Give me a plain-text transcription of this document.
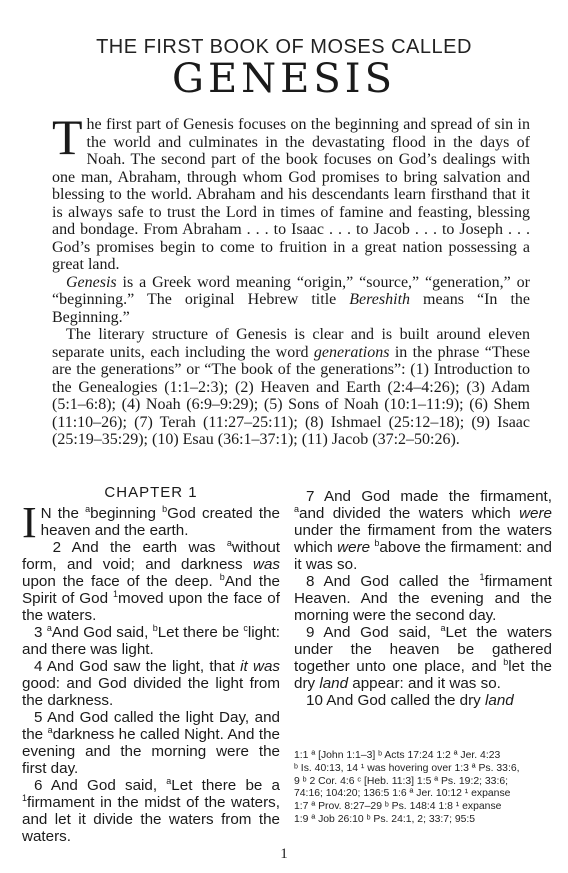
THE FIRST BOOK OF MOSES CALLED
GENESIS

The first part of Genesis focuses on the beginning and spread of sin in the world and culminates in the devastating flood in the days of Noah. The second part of the book focuses on God’s dealings with one man, Abraham, through whom God promises to bring salvation and blessing to the world. Abraham and his descendants learn firsthand that it is always safe to trust the Lord in times of famine and feasting, blessing and bondage. From Abraham . . . to Isaac . . . to Jacob . . . to Joseph . . . God’s promises begin to come to fruition in a great nation possessing a great land.

Genesis is a Greek word meaning “origin,” “source,” “generation,” or “beginning.” The original Hebrew title Bereshith means “In the Beginning.”

The literary structure of Genesis is clear and is built around eleven separate units, each including the word generations in the phrase “These are the generations” or “The book of the generations”: (1) Introduction to the Genealogies (1:1–2:3); (2) Heaven and Earth (2:4–4:26); (3) Adam (5:1–6:8); (4) Noah (6:9–9:29); (5) Sons of Noah (10:1–11:9); (6) Shem (11:10–26); (7) Terah (11:27–25:11); (8) Ishmael (25:12–18); (9) Isaac (25:19–35:29); (10) Esau (36:1–37:1); (11) Jacob (37:2–50:26).

CHAPTER 1

I N the $^a$beginning $^b$God created the heaven and the earth.

2 And the earth was $^a$without form, and void; and darkness was upon the face of the deep. $^b$And the Spirit of God $^1$moved upon the face of the waters.

3 $^a$And God said, $^b$Let there be $^c$light: and there was light.

4 And God saw the light, that it was good: and God divided the light from the darkness.

5 And God called the light Day, and the $^a$darkness he called Night. And the evening and the morning were the first day.

6 And God said, $^a$Let there be a $^1$firmament in the midst of the waters, and let it divide the waters from the waters.

7 And God made the firmament, $^a$and divided the waters which were under the firmament from the waters which were $^b$above the firmament: and it was so.

8 And God called the $^1$firmament Heaven. And the evening and the morning were the second day.

9 And God said, $^a$Let the waters under the heaven be gathered together unto one place, and $^b$let the dry land appear: and it was so.

10 And God called the dry land

1:1 ª [John 1:1–3] ᵇ Acts 17:24 1:2 ª Jer. 4:23
ᵇ Is. 40:13, 14 ¹ was hovering over 1:3 ª Ps. 33:6,
9 ᵇ 2 Cor. 4:6 ᶜ [Heb. 11:3] 1:5 ª Ps. 19:2; 33:6;
74:16; 104:20; 136:5 1:6 ª Jer. 10:12 ¹ expanse
1:7 ª Prov. 8:27–29 ᵇ Ps. 148:4 1:8 ¹ expanse
1:9 ª Job 26:10 ᵇ Ps. 24:1, 2; 33:7; 95:5
1
